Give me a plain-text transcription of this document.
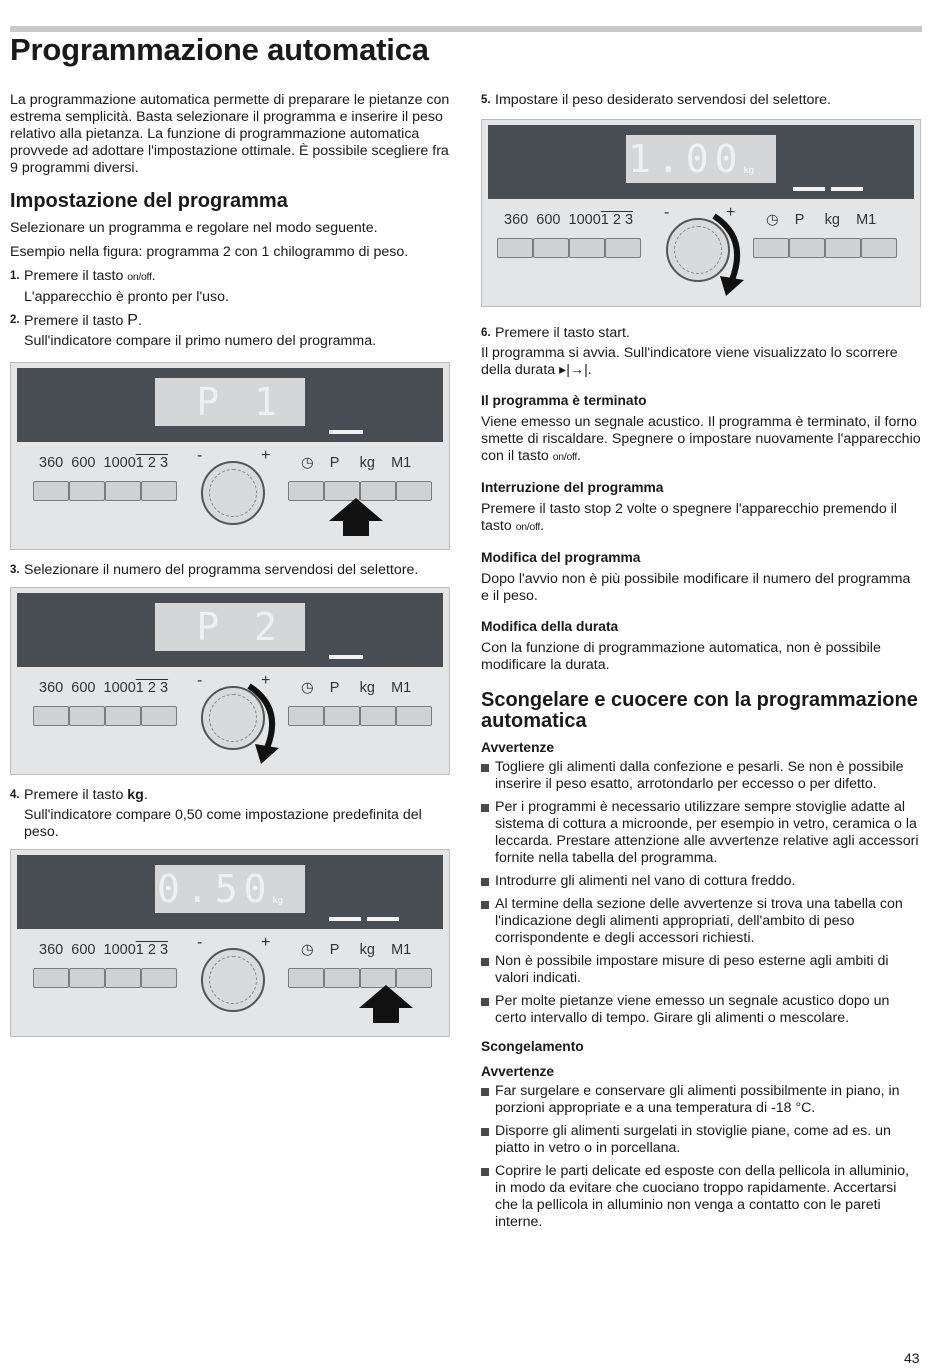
Programmazione automatica

La programmazione automatica permette di preparare le pietanze con estrema semplicità. Basta selezionare il programma e inserire il peso relativo alla pietanza. La funzione di programmazione automatica provvede ad adottare l'impostazione ottimale. È possibile scegliere fra 9 programmi diversi.

Impostazione del programma

Selezionare un programma e regolare nel modo seguente.

Esempio nella figura: programma 2 con 1 chilogrammo di peso.

1. Premere il tasto on/off.

L'apparecchio è pronto per l'uso.

2. Premere il tasto P.

Sull'indicatore compare il primo numero del programma.

P 1
360 600 10001 2 3 -	+ ◷ P kg M1

3. Selezionare il numero del programma servendosi del selettore.

P 2
360 600 10001 2 3 -	+ ◷ P kg M1

4. Premere il tasto kg.

Sull'indicatore compare 0,50 come impostazione predefinita del peso.

0.50 kg
360 600 10001 2 3 -	+ ◷ P kg M1

5. Impostare il peso desiderato servendosi del selettore.

1.00 kg
360 600 10001 2 3 -	+ ◷ P kg M1

6. Premere il tasto start.

Il programma si avvia. Sull'indicatore viene visualizzato lo scorrere della durata ▸|→|.

Il programma è terminato

Viene emesso un segnale acustico. Il programma è terminato, il forno smette di riscaldare. Spegnere o impostare nuovamente l'apparecchio con il tasto on/off.

Interruzione del programma

Premere il tasto stop 2 volte o spegnere l'apparecchio premendo il tasto on/off.

Modifica del programma

Dopo l'avvio non è più possibile modificare il numero del programma e il peso.

Modifica della durata

Con la funzione di programmazione automatica, non è possibile modificare la durata.

Scongelare e cuocere con la programmazione automatica
Avvertenze
Togliere gli alimenti dalla confezione e pesarli. Se non è possibile inserire il peso esatto, arrotondarlo per eccesso o per difetto.
Per i programmi è necessario utilizzare sempre stoviglie adatte al sistema di cottura a microonde, per esempio in vetro, ceramica o la leccarda. Prestare attenzione alle avvertenze relative agli accessori fornite nella tabella del programma.
Introdurre gli alimenti nel vano di cottura freddo.
Al termine della sezione delle avvertenze si trova una tabella con l'indicazione degli alimenti appropriati, dell'ambito di peso corrispondente e degli accessori richiesti.
Non è possibile impostare misure di peso esterne agli ambiti di valori indicati.
Per molte pietanze viene emesso un segnale acustico dopo un certo intervallo di tempo. Girare gli alimenti o mescolare.
Scongelamento
Avvertenze
Far surgelare e conservare gli alimenti possibilmente in piano, in porzioni appropriate e a una temperatura di -18 °C.
Disporre gli alimenti surgelati in stoviglie piane, come ad es. un piatto in vetro o in porcellana.
Coprire le parti delicate ed esposte con della pellicola in alluminio, in modo da evitare che cuociano troppo rapidamente. Accertarsi che la pellicola in alluminio non venga a contatto con le pareti interne.
43
